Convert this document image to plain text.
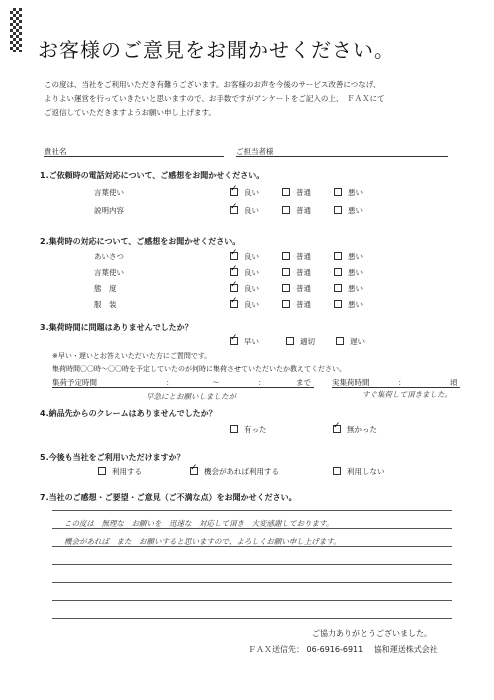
お客様のご意見をお聞かせください。
この度は、当社をご利用いただき有難うございます。お客様のお声を今後のサービス改善につなげ、
よりよい運営を行っていきたいと思いますので、お手数ですがアンケートをご記入の上、　ＦＡＸにて
ご返信していただきますようお願い申し上げます。
貴社名	ご担当者様
1.ご依頼時の電話対応について、ご感想をお聞かせください。
言葉使い ✓	良い	普通	悪い
説明内容 ✓	良い	普通	悪い
2.集荷時の対応について、ご感想をお聞かせください。
あいさつ ✓	良い	普通	悪い
言葉使い ✓	良い	普通	悪い
態　度 ✓	良い	普通	悪い
服　装 ✓	良い	普通	悪い
3.集荷時間に問題はありませんでしたか？
✓早い	適切	遅い
※早い・遅いとお答えいただいた方にご質問です。
集荷時間〇〇時～〇〇時を予定していたのが何時に集荷させていただいたか教えてください。
集荷予定時間	：	～	：	まで	実集荷時間	：	頃
早急にとお願いしましたが	すぐ集荷して頂きました。
4.納品先からのクレームはありませんでしたか？
有った ✓	無かった
5.今後も当社をご利用いただけますか？
利用する ✓	機会があれば利用する	利用しない
7.当社のご感想・ご要望・ご意見（ご不満な点）をお聞かせください。
この度は　無理な　お願いを　迅速な　対応して頂き　大変感謝しております。
機会があれば　また　お願いすると思いますので、よろしくお願い申し上げます。
ご協力ありがとうございました。
ＦＡＸ送信先： 06-6916-6911 協和運送株式会社
